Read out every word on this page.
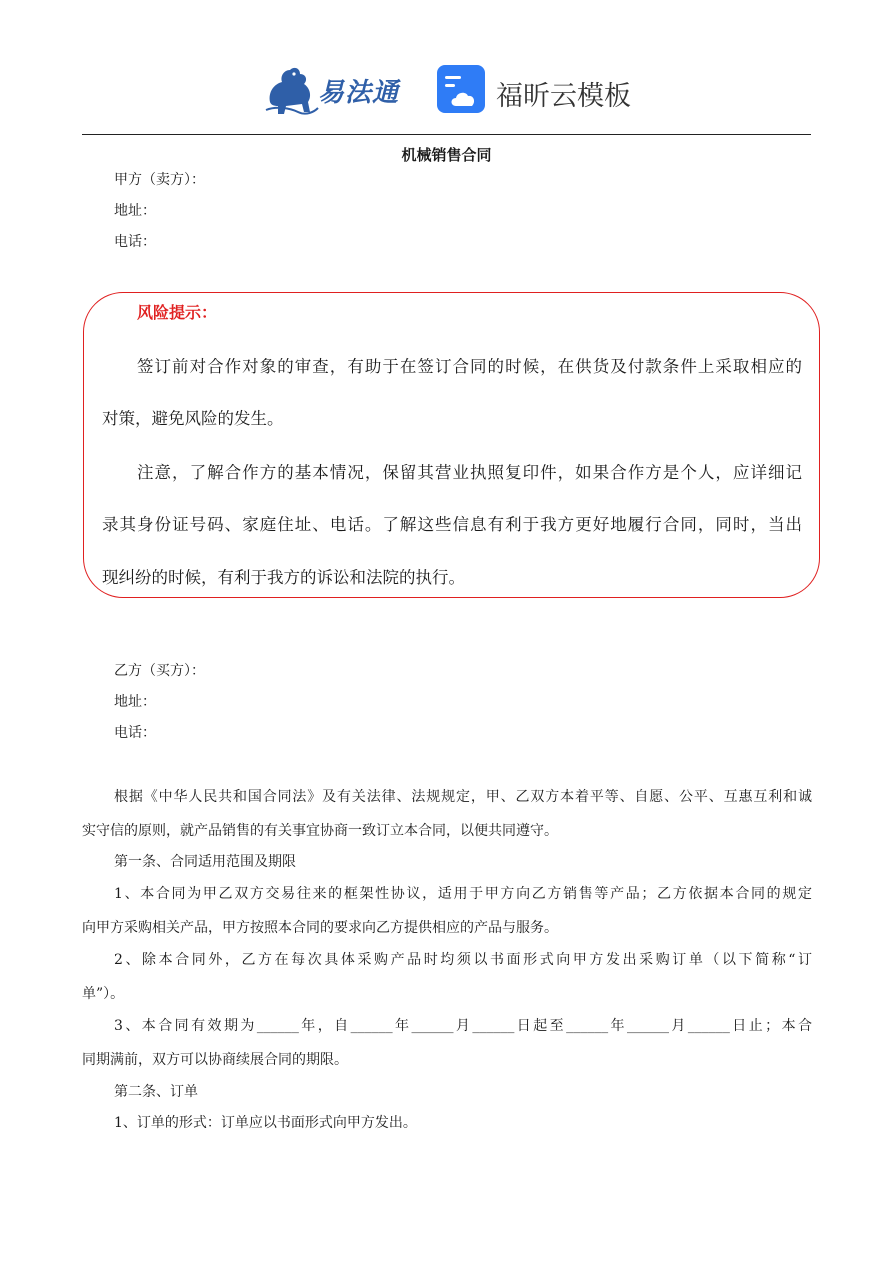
易法通	福昕云模板
机械销售合同
甲方（卖方）：
地址：
电话：
风险提示：
签订前对合作对象的审查，有助于在签订合同的时候，在供货及付款条件上采取相应的
对策，避免风险的发生。
注意，了解合作方的基本情况，保留其营业执照复印件，如果合作方是个人，应详细记
录其身份证号码、家庭住址、电话。了解这些信息有利于我方更好地履行合同，同时，当出
现纠纷的时候，有利于我方的诉讼和法院的执行。
乙方（买方）：
地址：
电话：
根据《中华人民共和国合同法》及有关法律、法规规定，甲、乙双方本着平等、自愿、公平、互惠互利和诚
实守信的原则，就产品销售的有关事宜协商一致订立本合同，以便共同遵守。
第一条、合同适用范围及期限
1、本合同为甲乙双方交易往来的框架性协议，适用于甲方向乙方销售等产品；乙方依据本合同的规定
向甲方采购相关产品，甲方按照本合同的要求向乙方提供相应的产品与服务。
2、除本合同外，乙方在每次具体采购产品时均须以书面形式向甲方发出采购订单（以下简称“订
单”）。
3、本合同有效期为______年，自______年______月______日起至______年______月______日止；本合
同期满前，双方可以协商续展合同的期限。
第二条、订单
1、订单的形式：订单应以书面形式向甲方发出。
